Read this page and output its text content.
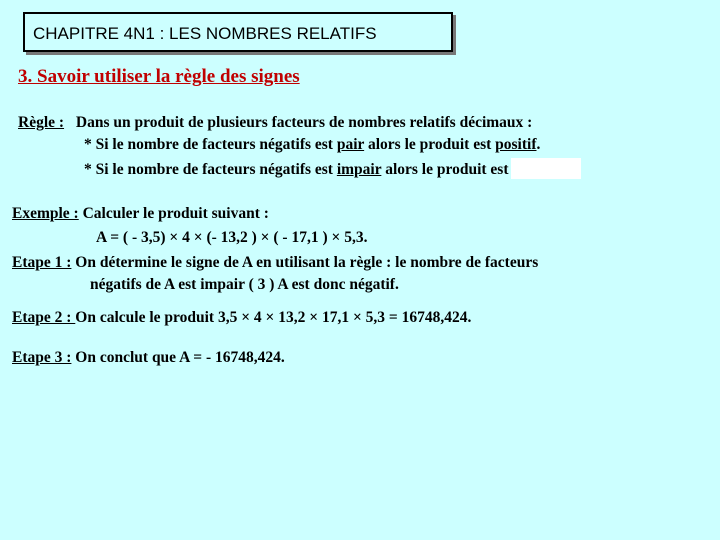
CHAPITRE 4N1 : LES NOMBRES RELATIFS
3. Savoir utiliser la règle des signes
Règle : Dans un produit de plusieurs facteurs de nombres relatifs décimaux :
* Si le nombre de facteurs négatifs est pair alors le produit est positif.
* Si le nombre de facteurs négatifs est impair alors le produit est
Exemple : Calculer le produit suivant :
A = ( - 3,5) × 4 × (- 13,2 ) × ( - 17,1 ) × 5,3.
Etape 1 : On détermine le signe de A en utilisant la règle : le nombre de facteurs
négatifs de A est impair ( 3 ) A est donc négatif.
Etape 2 : On calcule le produit 3,5 × 4 × 13,2 × 17,1 × 5,3 = 16748,424.
Etape 3 : On conclut que A = - 16748,424.
